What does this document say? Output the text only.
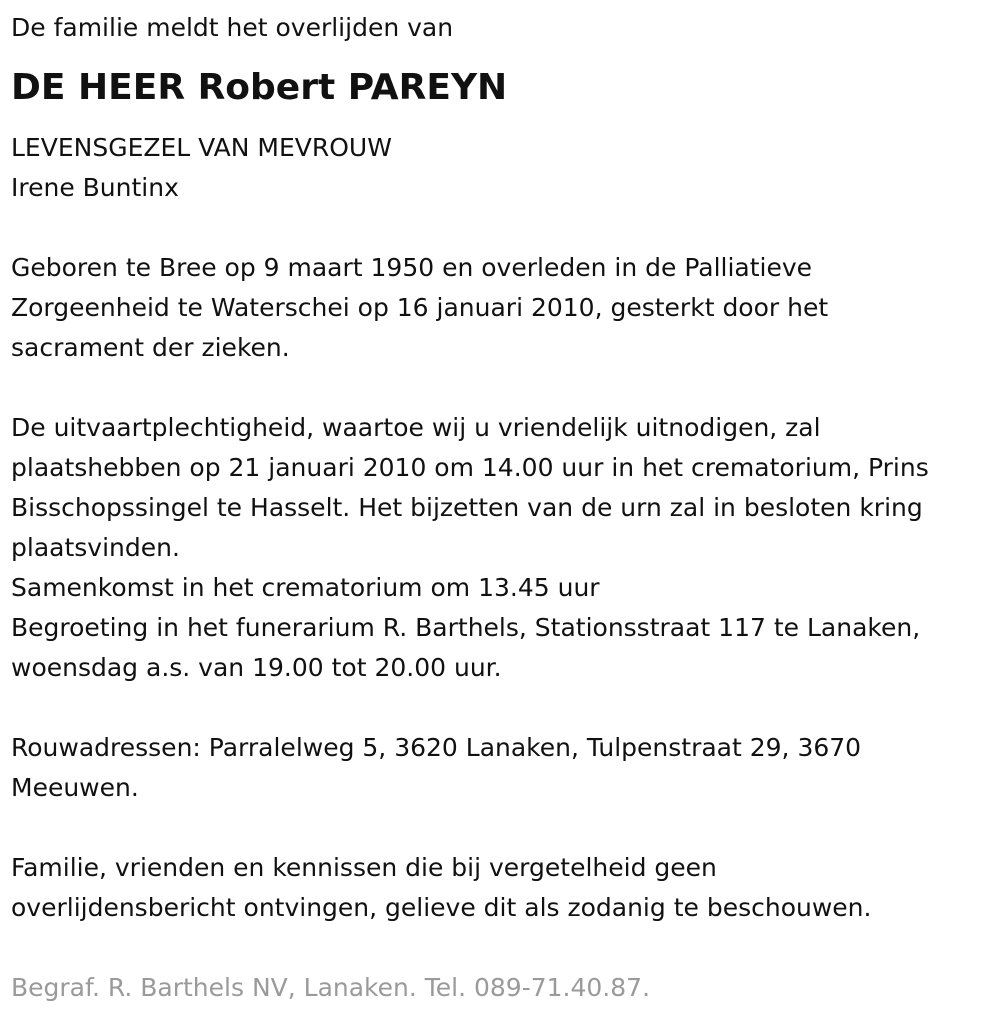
De familie meldt het overlijden van
DE HEER Robert PAREYN
LEVENSGEZEL VAN MEVROUW
Irene Buntinx
Geboren te Bree op 9 maart 1950 en overleden in de Palliatieve
Zorgeenheid te Waterschei op 16 januari 2010, gesterkt door het
sacrament der zieken.
De uitvaartplechtigheid, waartoe wij u vriendelijk uitnodigen, zal
plaatshebben op 21 januari 2010 om 14.00 uur in het crematorium, Prins
Bisschopssingel te Hasselt. Het bijzetten van de urn zal in besloten kring
plaatsvinden.
Samenkomst in het crematorium om 13.45 uur
Begroeting in het funerarium R. Barthels, Stationsstraat 117 te Lanaken,
woensdag a.s. van 19.00 tot 20.00 uur.
Rouwadressen: Parralelweg 5, 3620 Lanaken, Tulpenstraat 29, 3670
Meeuwen.
Familie, vrienden en kennissen die bij vergetelheid geen
overlijdensbericht ontvingen, gelieve dit als zodanig te beschouwen.
Begraf. R. Barthels NV, Lanaken. Tel. 089-71.40.87.
